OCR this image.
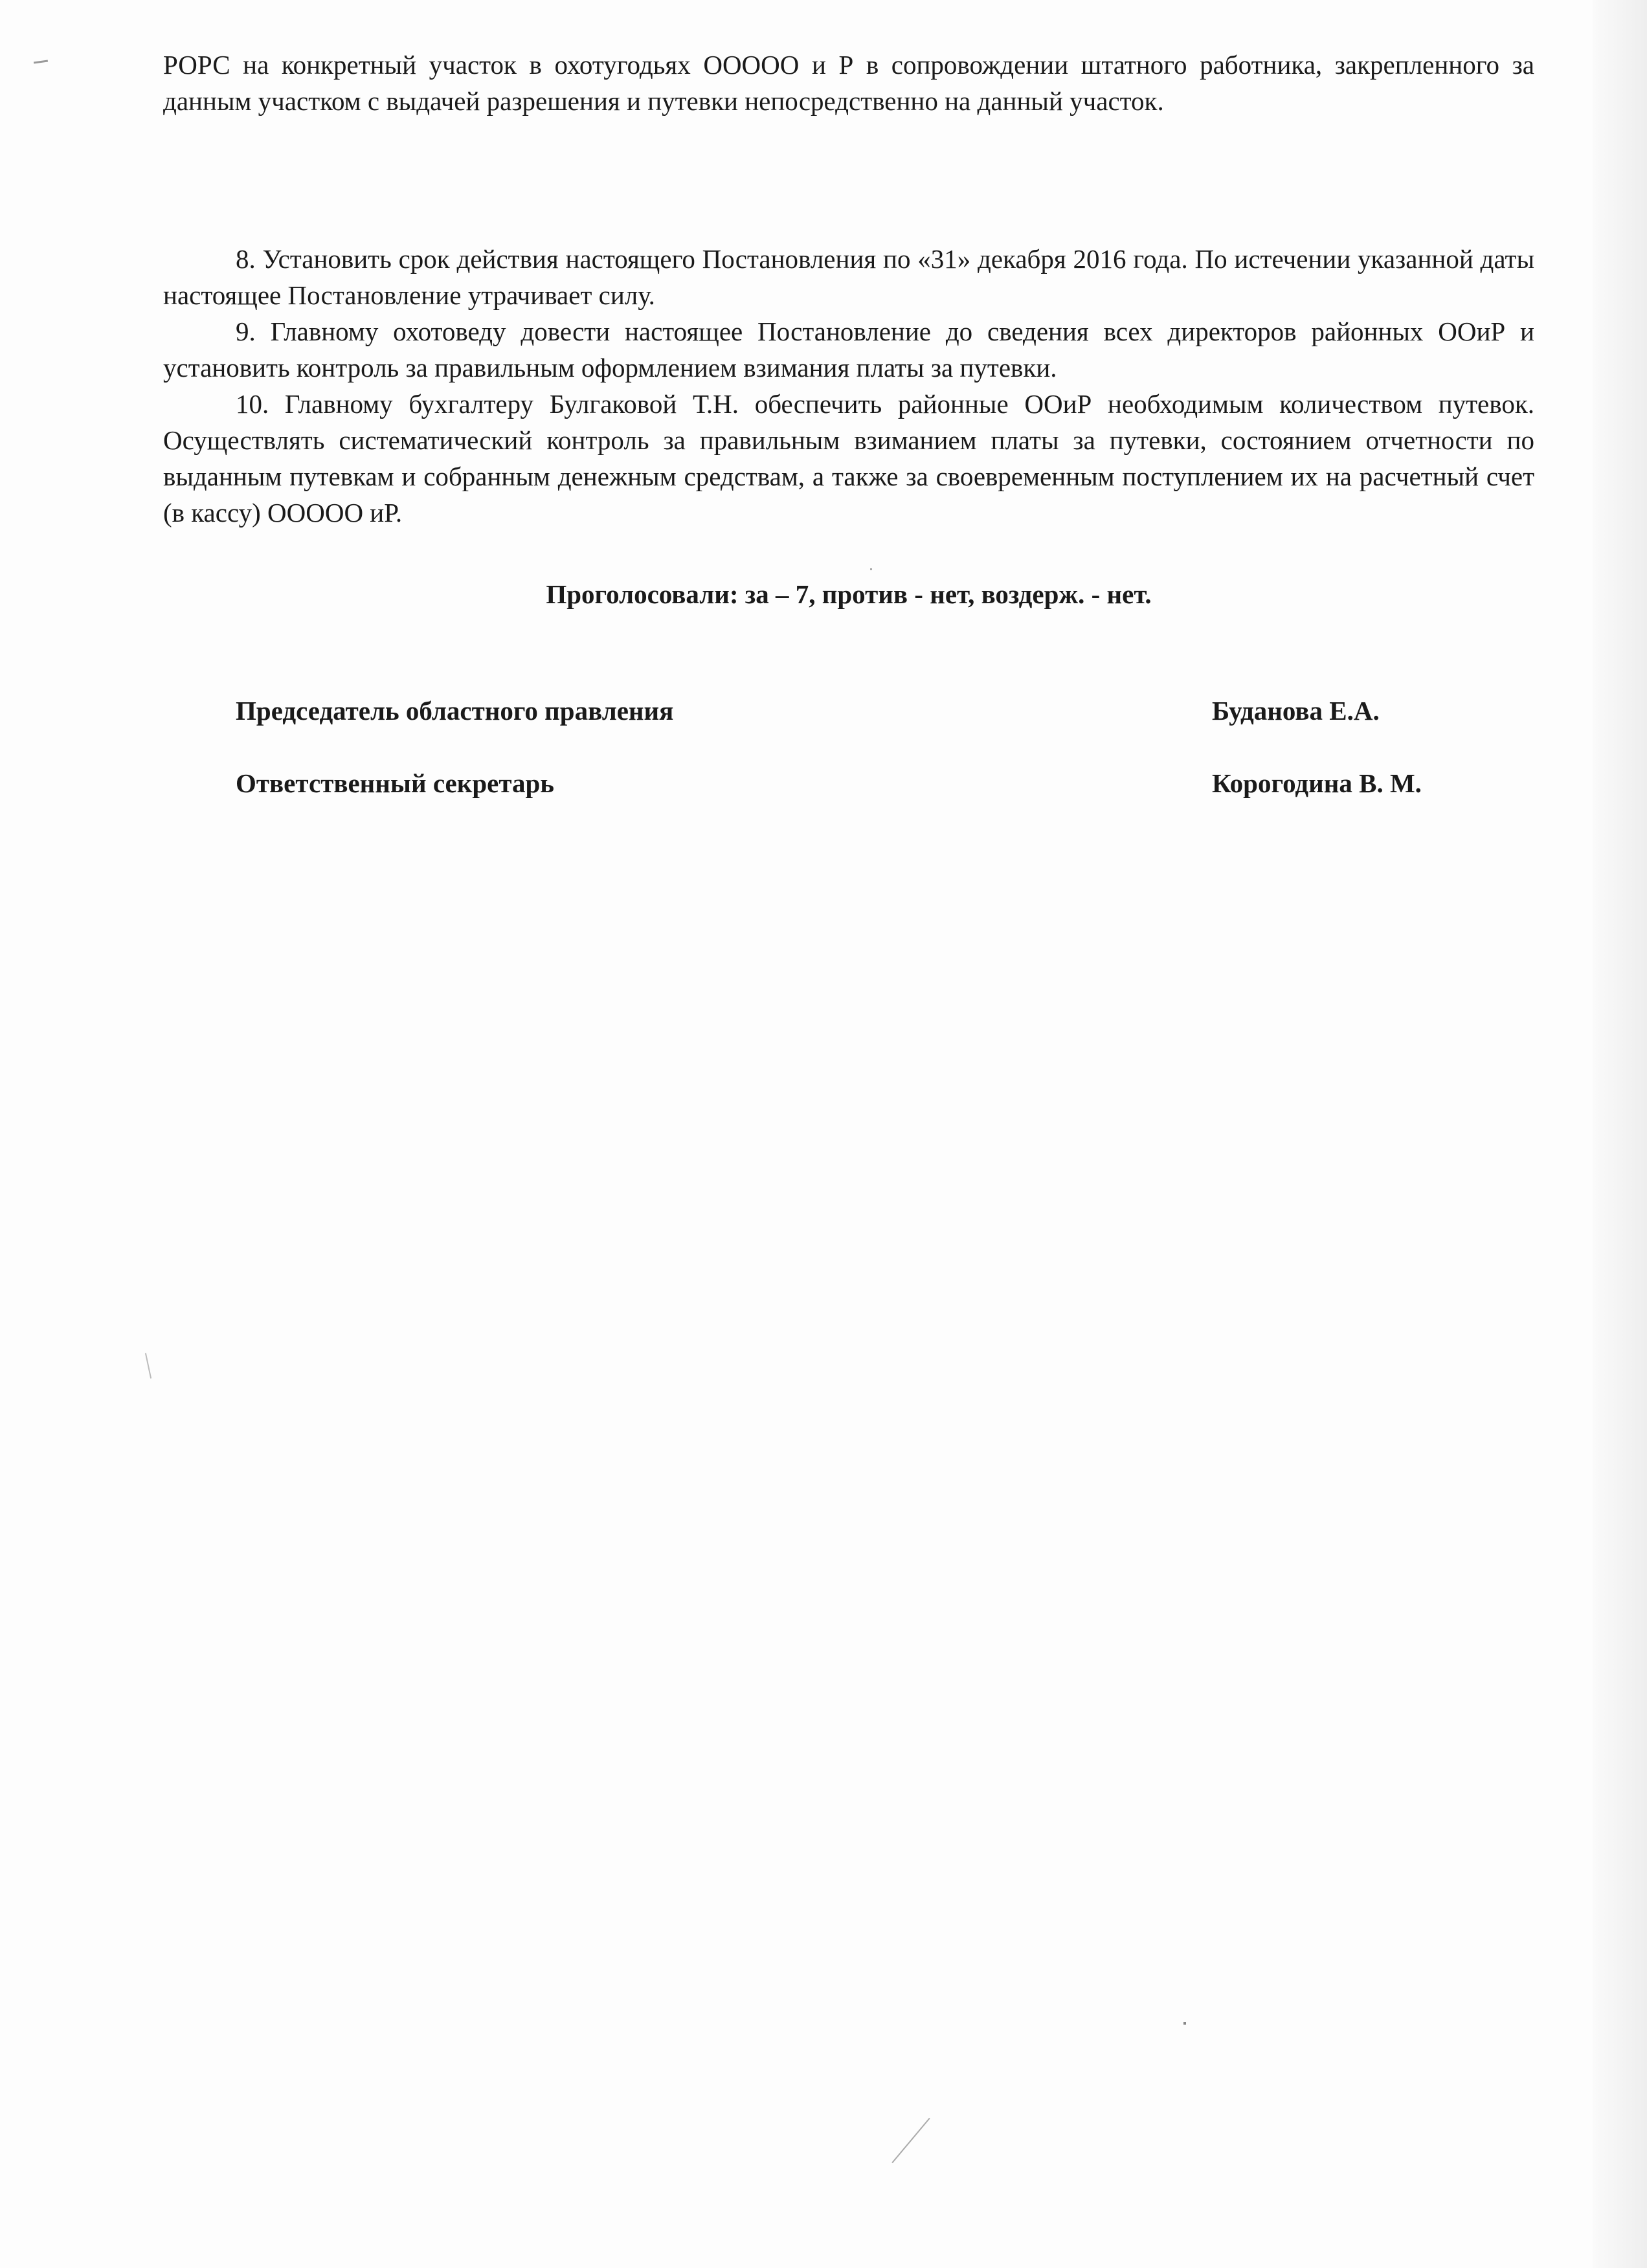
РОРС на конкретный участок в охотугодьях ООООО и Р в сопровождении штатного работника, закрепленного за данным участком с выдачей разрешения и путевки непосредственно на данный участок.

8. Установить срок действия настоящего Постановления по «31» декабря 2016 года. По истечении указанной даты настоящее Постановление утрачивает силу.

9. Главному охотоведу довести настоящее Постановление до сведения всех директоров районных ООиР и установить контроль за правильным оформлением взимания платы за путевки.

10. Главному бухгалтеру Булгаковой Т.Н. обеспечить районные ООиР необходимым количеством путевок. Осуществлять систематический контроль за правильным взиманием платы за путевки, состоянием отчетности по выданным путевкам и собранным денежным средствам, а также за своевременным поступлением их на расчетный счет (в кассу) ООООО иР.

Проголосовали: за – 7, против - нет, воздерж. - нет.
Председатель областного правления	Буданова Е.А.
Ответственный секретарь	Корогодина В. М.
